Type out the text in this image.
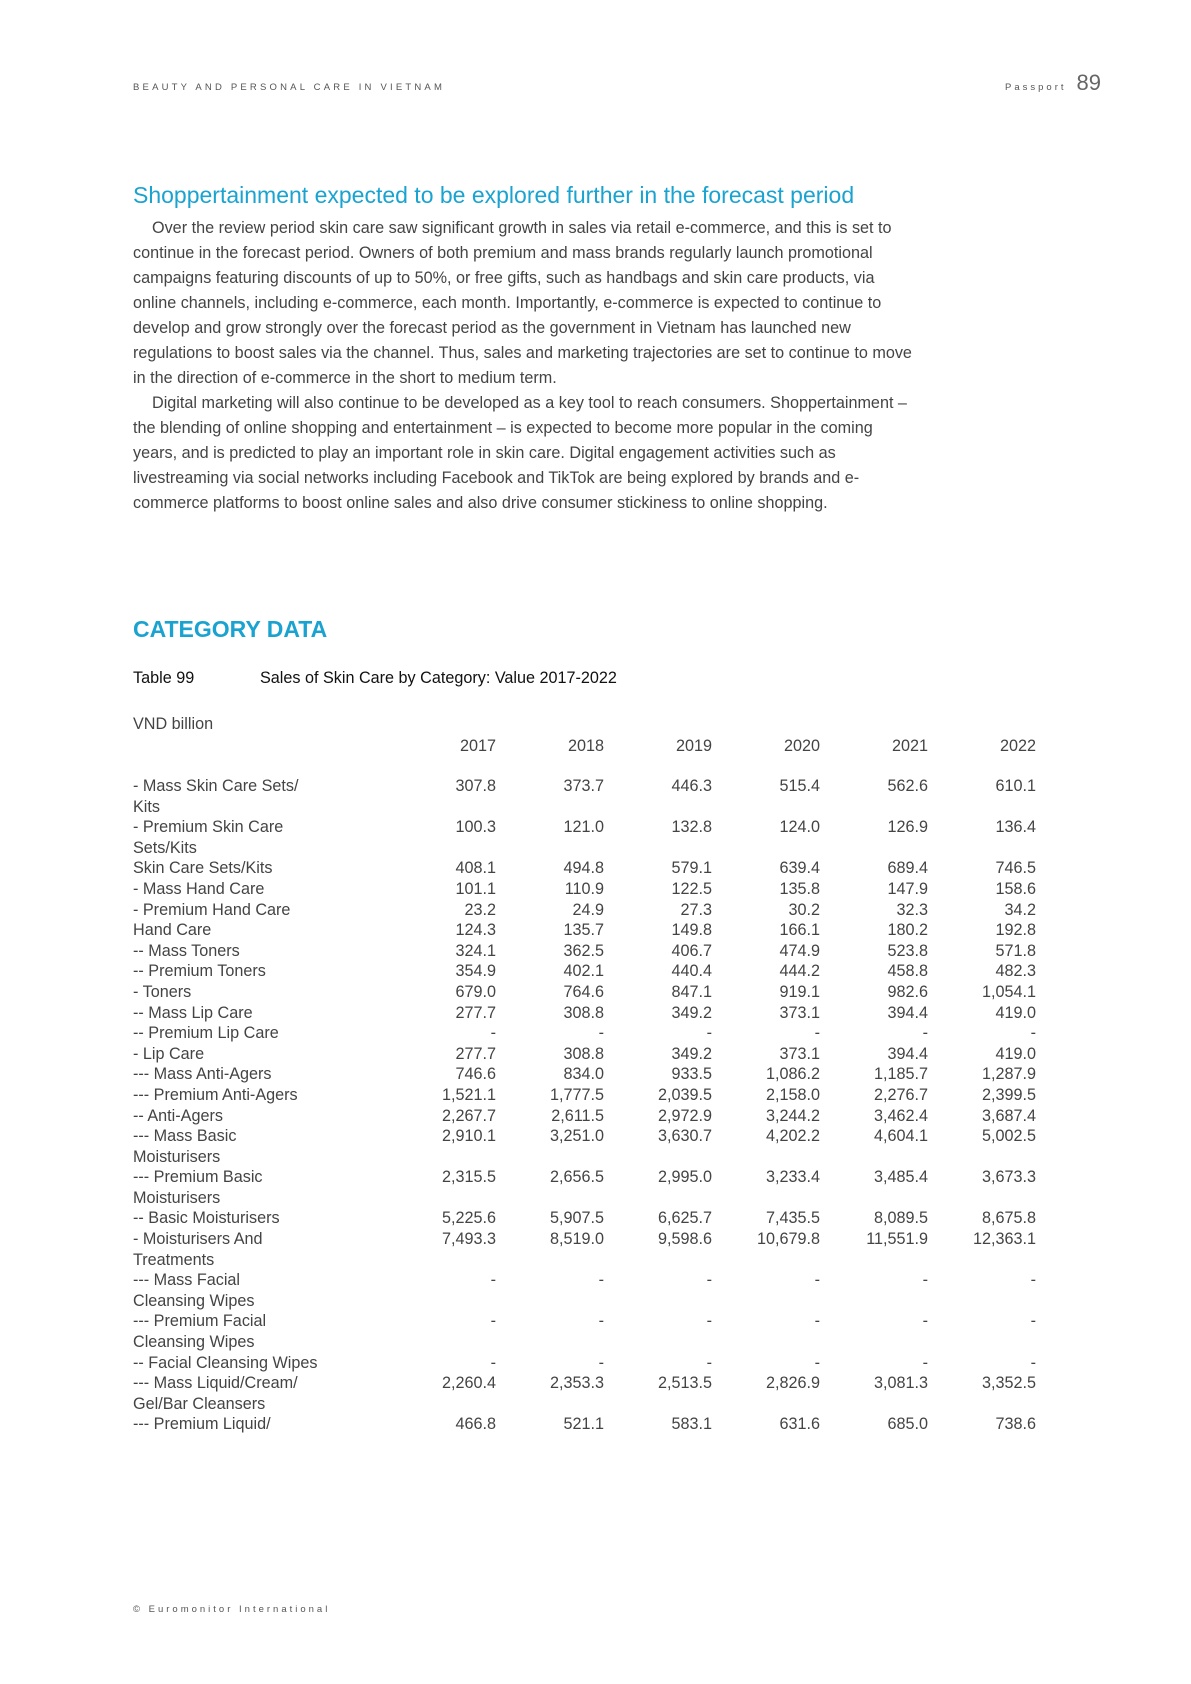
BEAUTY AND PERSONAL CARE IN VIETNAM	Passport 89
Shoppertainment expected to be explored further in the forecast period

Over the review period skin care saw significant growth in sales via retail e-commerce, and this is set to continue in the forecast period. Owners of both premium and mass brands regularly launch promotional campaigns featuring discounts of up to 50%, or free gifts, such as handbags and skin care products, via online channels, including e-commerce, each month. Importantly, e-commerce is expected to continue to develop and grow strongly over the forecast period as the government in Vietnam has launched new regulations to boost sales via the channel. Thus, sales and marketing trajectories are set to continue to move in the direction of e-commerce in the short to medium term.

Digital marketing will also continue to be developed as a key tool to reach consumers. Shoppertainment – the blending of online shopping and entertainment – is expected to become more popular in the coming years, and is predicted to play an important role in skin care. Digital engagement activities such as livestreaming via social networks including Facebook and TikTok are being explored by brands and e-commerce platforms to boost online sales and also drive consumer stickiness to online shopping.

CATEGORY DATA
Table 99	Sales of Skin Care by Category: Value 2017-2022
VND billion
2017	2018	2019	2020	2021	2022
- Mass Skin Care Sets/
Kits
307.8	373.7	446.3	515.4	562.6	610.1
- Premium Skin Care
Sets/Kits
100.3	121.0	132.8	124.0	126.9	136.4
Skin Care Sets/Kits	408.1	494.8	579.1	639.4	689.4	746.5
- Mass Hand Care	101.1	110.9	122.5	135.8	147.9	158.6
- Premium Hand Care	23.2	24.9	27.3	30.2	32.3	34.2
Hand Care	124.3	135.7	149.8	166.1	180.2	192.8
-- Mass Toners	324.1	362.5	406.7	474.9	523.8	571.8
-- Premium Toners	354.9	402.1	440.4	444.2	458.8	482.3
- Toners	679.0	764.6	847.1	919.1	982.6	1,054.1
-- Mass Lip Care	277.7	308.8	349.2	373.1	394.4	419.0
-- Premium Lip Care	-	-	-	-	-	-
- Lip Care	277.7	308.8	349.2	373.1	394.4	419.0
--- Mass Anti-Agers	746.6	834.0	933.5	1,086.2	1,185.7	1,287.9
--- Premium Anti-Agers	1,521.1	1,777.5	2,039.5	2,158.0	2,276.7	2,399.5
-- Anti-Agers	2,267.7	2,611.5	2,972.9	3,244.2	3,462.4	3,687.4
--- Mass Basic
Moisturisers
2,910.1	3,251.0	3,630.7	4,202.2	4,604.1	5,002.5
--- Premium Basic
Moisturisers
2,315.5	2,656.5	2,995.0	3,233.4	3,485.4	3,673.3
-- Basic Moisturisers	5,225.6	5,907.5	6,625.7	7,435.5	8,089.5	8,675.8
- Moisturisers And
Treatments
7,493.3	8,519.0	9,598.6	10,679.8	11,551.9	12,363.1
--- Mass Facial
Cleansing Wipes
-	-	-	-	-	-
--- Premium Facial
Cleansing Wipes
-	-	-	-	-	-
-- Facial Cleansing Wipes	-	-	-	-	-	-
--- Mass Liquid/Cream/
Gel/Bar Cleansers
2,260.4	2,353.3	2,513.5	2,826.9	3,081.3	3,352.5
--- Premium Liquid/	466.8	521.1	583.1	631.6	685.0	738.6
© Euromonitor International
